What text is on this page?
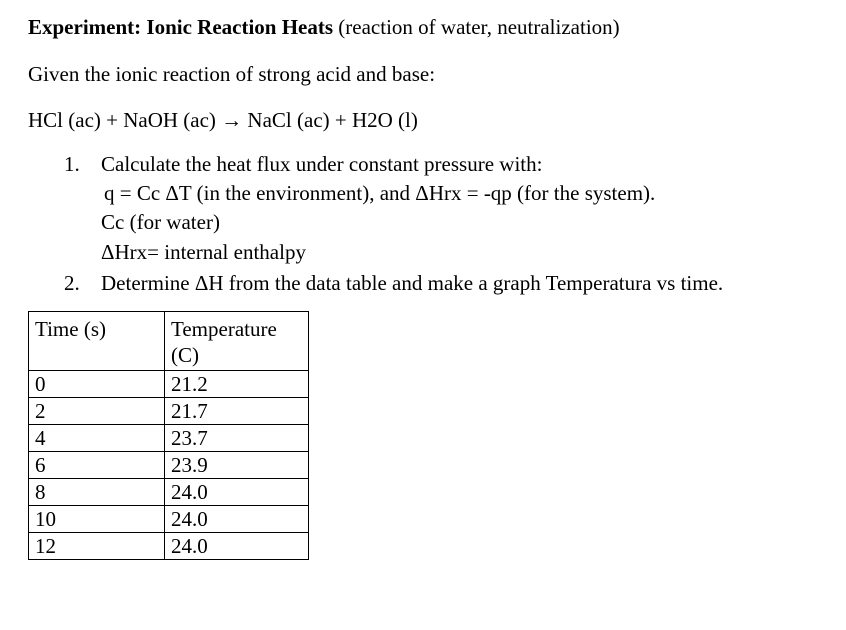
Experiment: Ionic Reaction Heats (reaction of water, neutralization)
Given the ionic reaction of strong acid and base:
HCl (ac) + NaOH (ac) → NaCl (ac) + H2O (l)
1. Calculate the heat flux under constant pressure with:
q = Cc ΔT (in the environment), and ΔHrx = -qp (for the system).
Cc (for water)
ΔHrx= internal enthalpy
2. Determine ΔH from the data table and make a graph Temperatura vs time.
Time (s)	Temperature (C)
0	21.2
2	21.7
4	23.7
6	23.9
8	24.0
10	24.0
12	24.0
